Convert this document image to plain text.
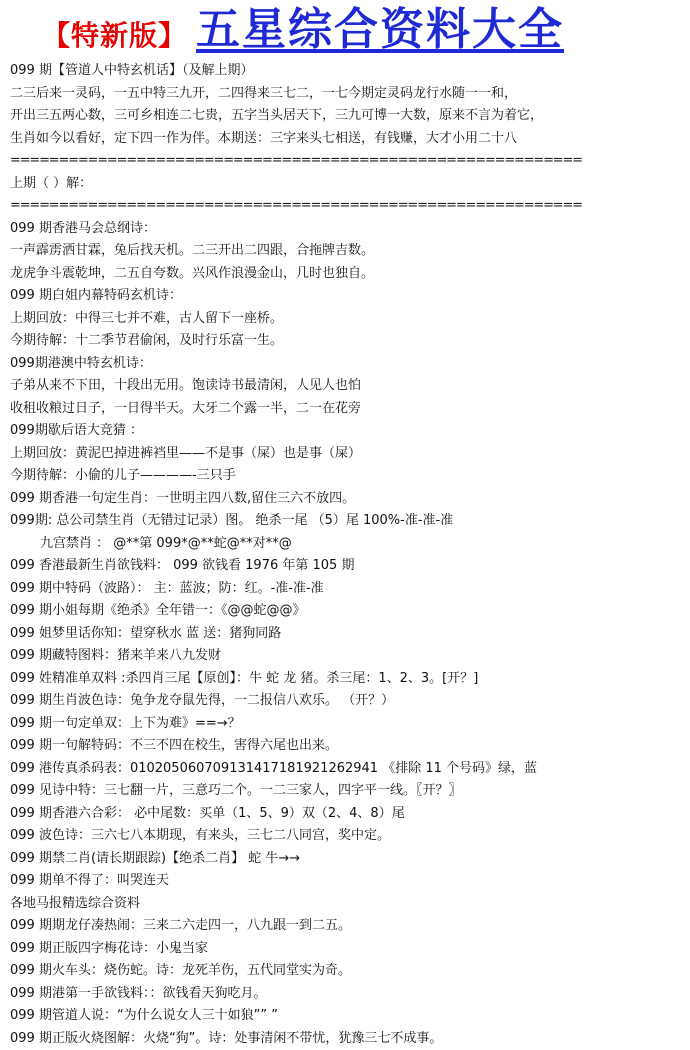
【特新版】 五星综合资料大全
099 期【管道人中特玄机话】（及解上期）
二三后来一灵码，一五中特三九开，二四得来三七二，一七今期定灵码龙行水随一一和，
开出三五两心数，三可乡相连二七贵，五字当头居天下，三九可博一大数，原来不言为着它，
生肖如今以看好，定下四一作为伴。本期送：三字来头七相送，有钱赚，大才小用二十八
===========================================================
上期（ ）解：
===========================================================
099 期香港马会总纲诗：
一声霹雳洒甘霖，兔后找天机。二三开出二四跟，合拖牌吉数。
龙虎争斗震乾坤，二五自夸数。兴风作浪漫金山，几时也独自。
099 期白姐内幕特码玄机诗：
上期回放：中得三七并不难，古人留下一座桥。
今期待解：十二季节君偷闲，及时行乐富一生。
099期港澳中特玄机诗：
子弟从来不下田，十段出无用。饱读诗书最清闲，人见人也怕
收租收粮过日子，一日得半天。大牙二个露一半，二一在花旁
099期歇后语大竞猜 ：
上期回放：黄泥巴掉进裤裆里——不是事（屎）也是事（屎）
今期待解：小偷的儿子————-三只手
099 期香港一句定生肖：一世明主四八数,留住三六不放四。
099期: 总公司禁生肖（无错过记录）图。 绝杀一尾 （5）尾 100%-准-准-准
九宫禁肖 ： @**第 099*@**蛇@**对**@
099 香港最新生肖欲钱料： 099 欲钱看 1976 年第 105 期
099 期中特码（波路）： 主：蓝波；防：红。-准-准-准
099 期小姐每期《绝杀》全年错一：《@@蛇@@》
099 姐梦里话你知：望穿秋水 蓝 送：猪狗同路
099 期藏特图料：猪来羊来八九发财
099 姓精准单双料 :杀四肖三尾【原创】：牛 蛇 龙 猪。杀三尾：1、2、3。[开？]
099 期生肖波色诗：兔争龙夺鼠先得，一二报信八欢乐。 （开？）
099 期一句定单双：上下为难》==→？
099 期一句解特码：不三不四在校生，害得六尾也出来。
099 港传真杀码表：01020506070913141718192126​2941 《排除 11 个号码》绿，蓝
099 见诗中特：三七翻一片，三意巧二个。一二三家人，四字平一线。〖开？〗
099 期香港六合彩： 必中尾数：买单（1、5、9）双（2、4、8）尾
099 波色诗：三六七八本期现，有来头，三七二八同宫，奖中定。
099 期禁二肖(请长期跟踪)【绝杀二肖】 蛇 牛→→
099 期单不得了：叫哭连天
各地马报精选综合资料
099 期期龙仔凑热闹：三来二六走四一，八九跟一到二五。
099 期正版四字梅花诗：小鬼当家
099 期火车头：烧伤蛇。诗：龙死羊伤，五代同堂实为奇。
099 期港第一手欲钱料：：欲钱看天狗吃月。
099 期管道人说：“为什么说女人三十如狼”” ”
099 期正版火烧图解：火烧“狗”。诗：处事清闲不带忧，犹豫三七不成事。
